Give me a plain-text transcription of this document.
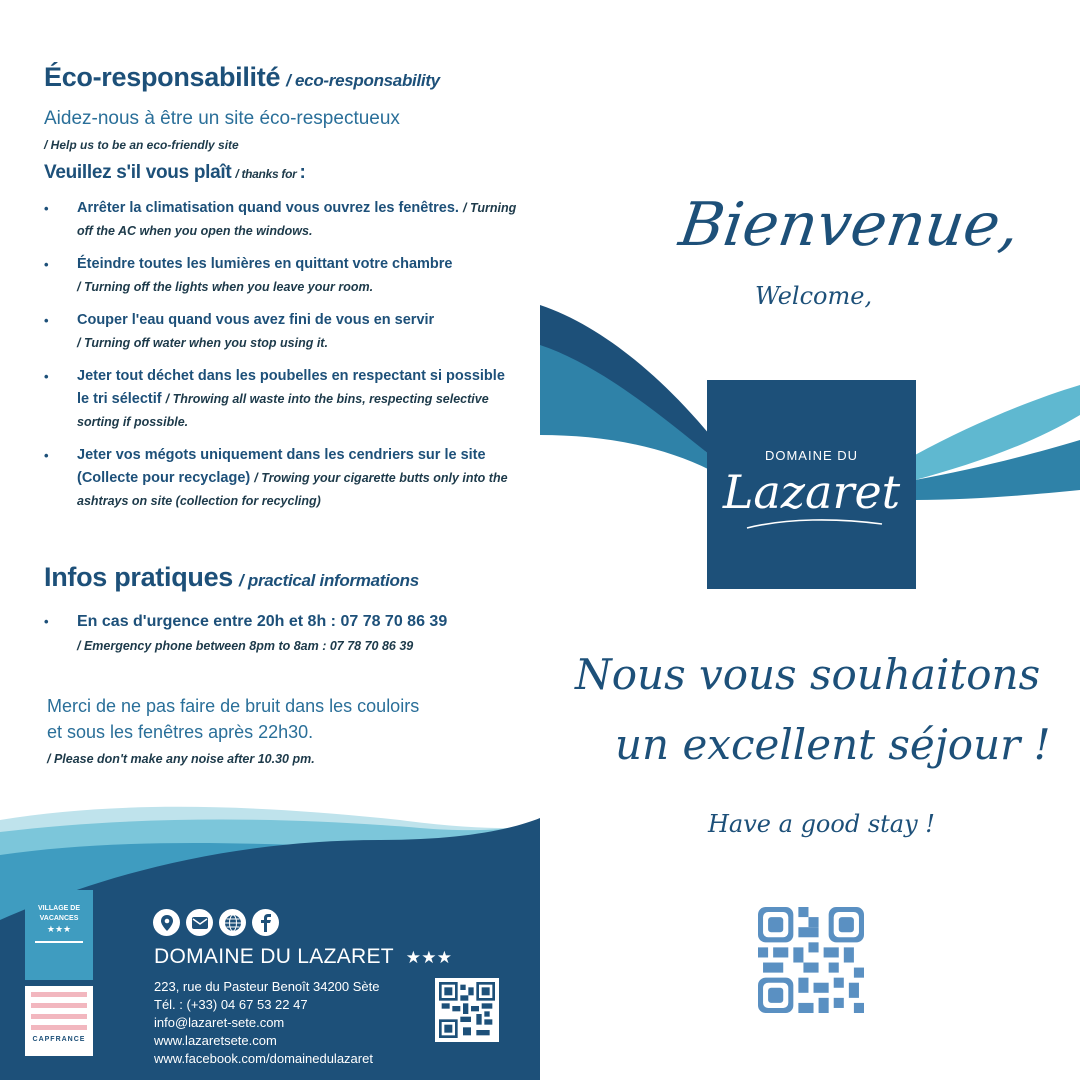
Éco-responsabilité / eco-responsability
Aidez-nous à être un site éco-respectueux
/ Help us to be an eco-friendly site
Veuillez s'il vous plaît / thanks for :
• Arrêter la climatisation quand vous ouvrez les fenêtres. / Turning off the AC when you open the windows.
• Éteindre toutes les lumières en quittant votre chambre
/ Turning off the lights when you leave your room.
• Couper l'eau quand vous avez fini de vous en servir
/ Turning off water when you stop using it.
• Jeter tout déchet dans les poubelles en respectant si possible le tri sélectif / Throwing all waste into the bins, respecting selective sorting if possible.
• Jeter vos mégots uniquement dans les cendriers sur le site (Collecte pour recyclage) / Trowing your cigarette butts only into the ashtrays on site (collection for recycling)
Infos pratiques / practical informations
• En cas d'urgence entre 20h et 8h : 07 78 70 86 39
/ Emergency phone between 8pm to 8am : 07 78 70 86 39
Merci de ne pas faire de bruit dans les couloirs
et sous les fenêtres après 22h30.
/ Please don't make any noise after 10.30 pm.
VILLAGE DE VACANCES
★★★
CAPFRANCE
DOMAINE DU LAZARET ★★★
223, rue du Pasteur Benoît 34200 Sète
Tél. : (+33) 04 67 53 22 47
info@lazaret-sete.com
www.lazaretsete.com
www.facebook.com/domainedulazaret
Bienvenue,
Welcome,
DOMAINE DU
Lazaret
Nous vous souhaitons
un excellent séjour !
Have a good stay !
